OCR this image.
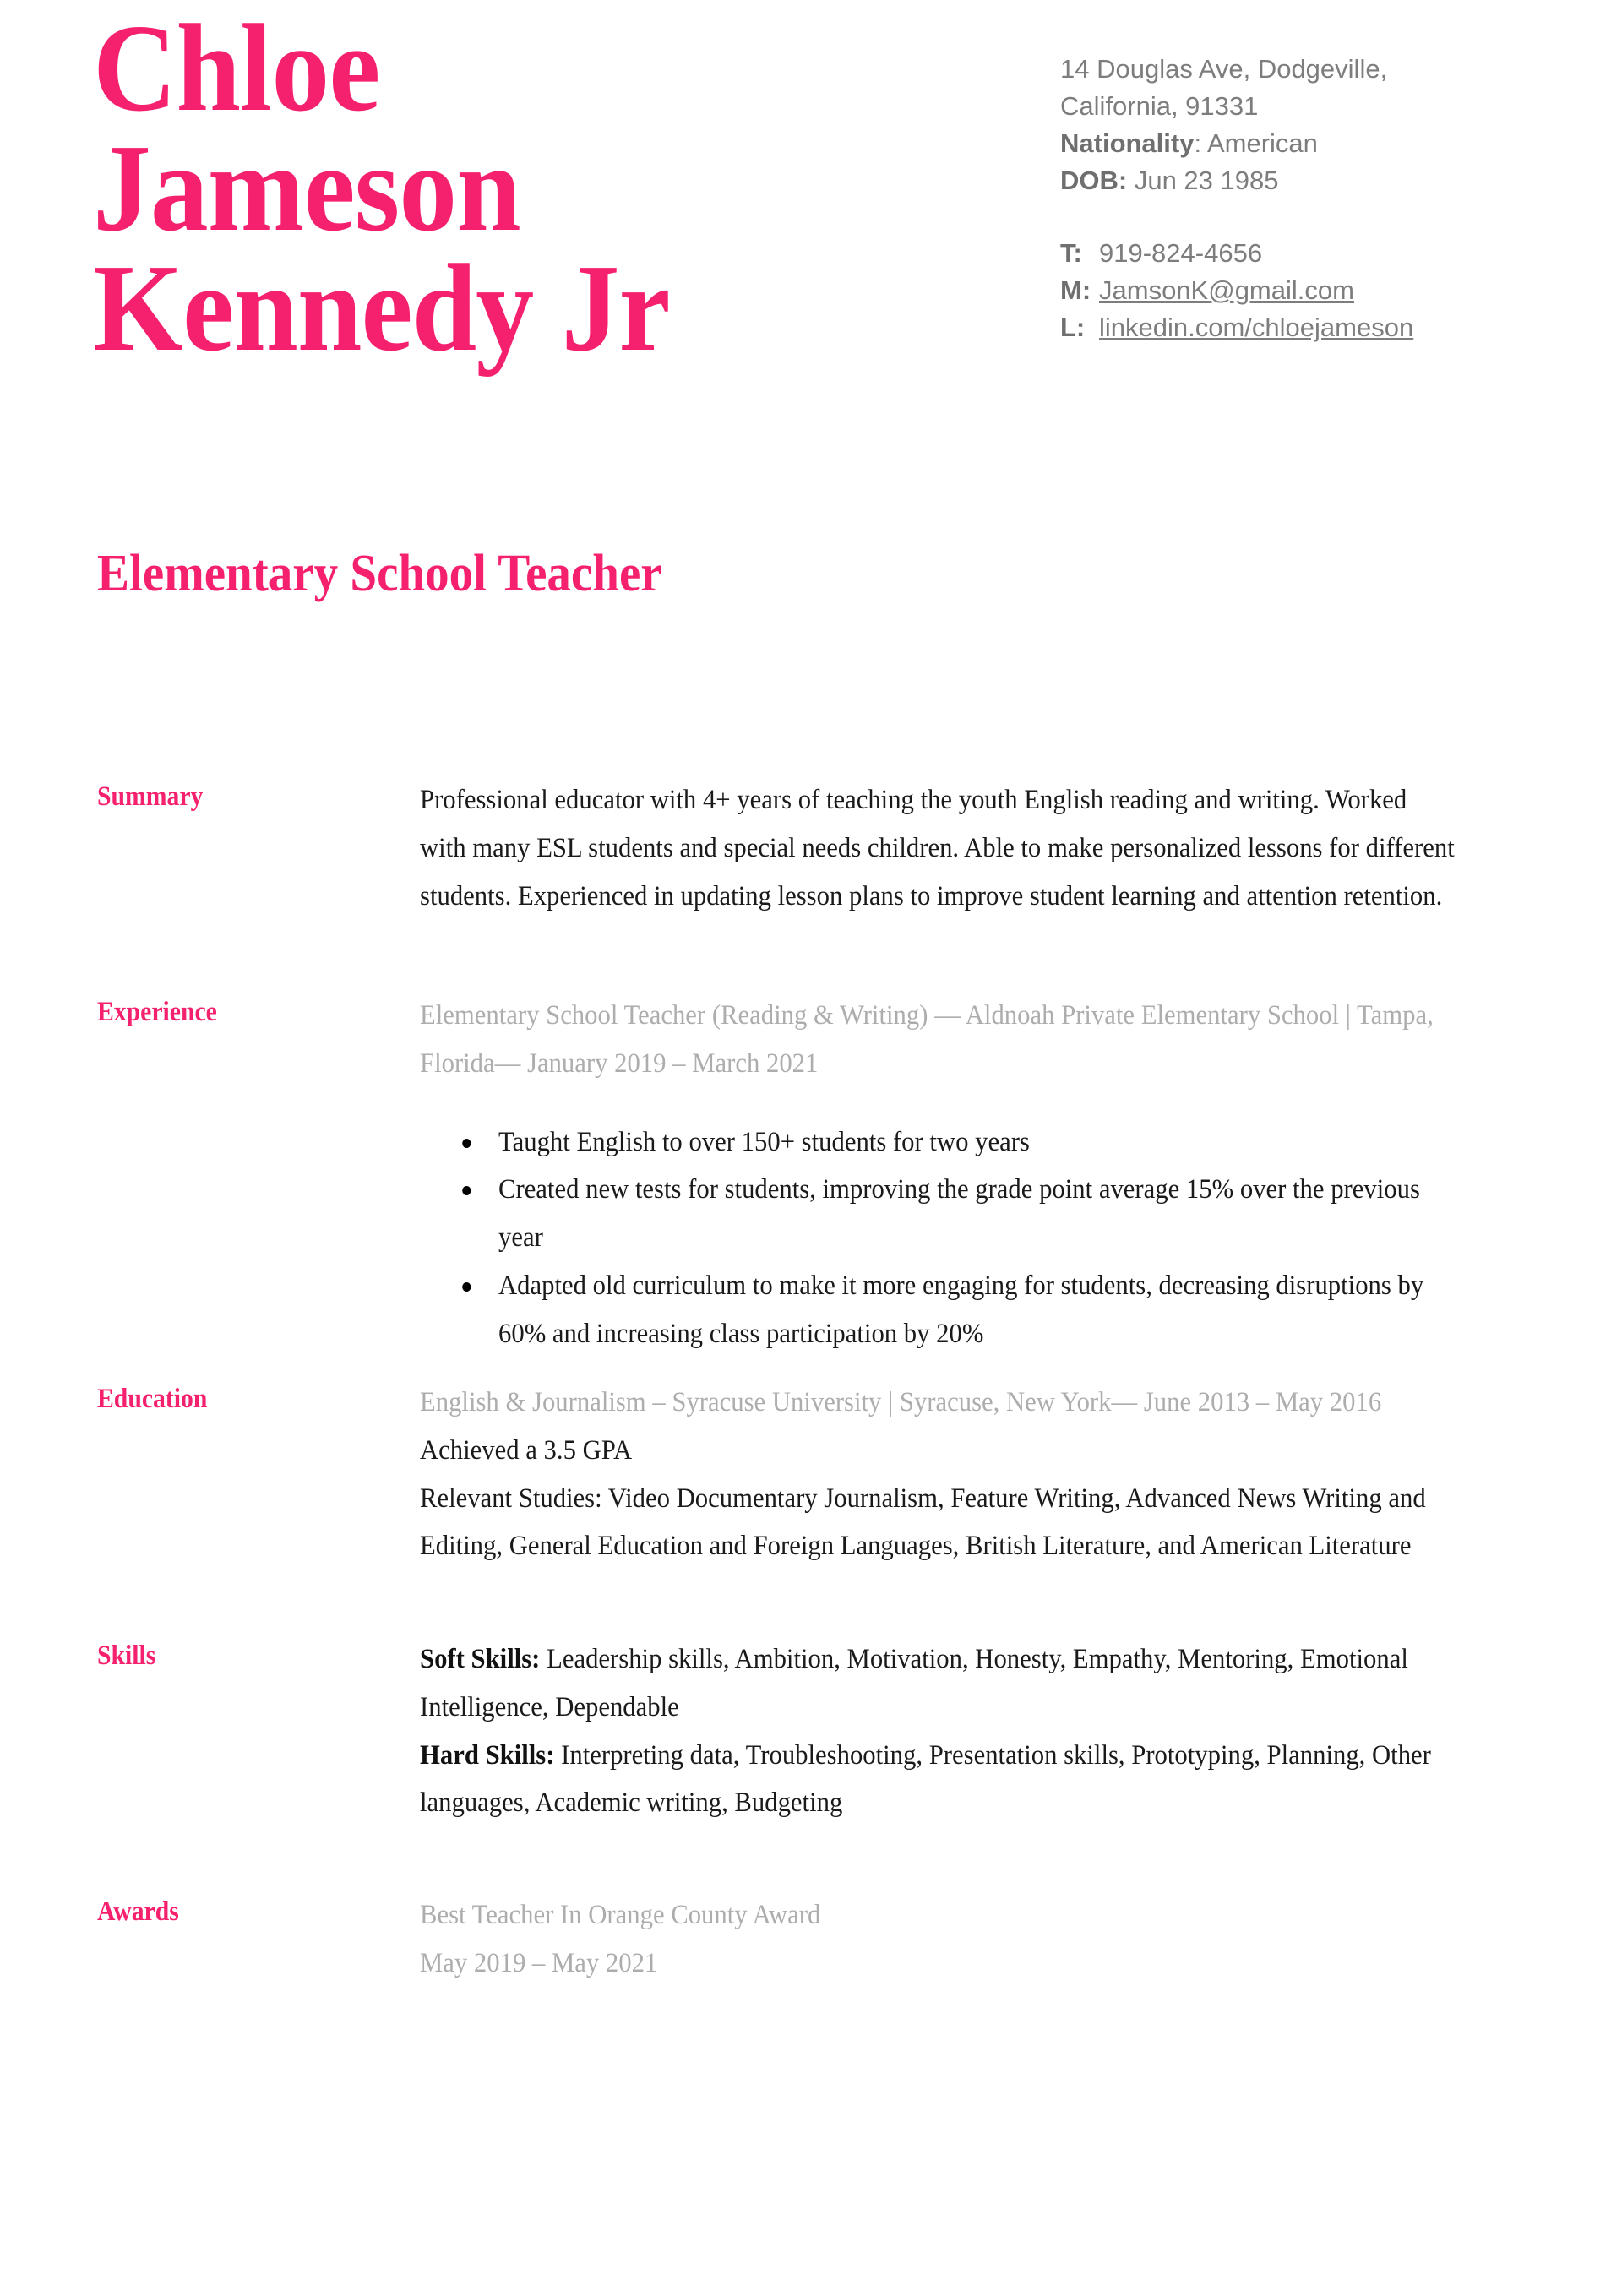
Chloe
Jameson
Kennedy Jr
Elementary School Teacher
14 Douglas Ave, Dodgeville,
California, 91331
Nationality: American
DOB: Jun 23 1985
T: 919-824-4656
M: JamsonK@gmail.com
L: linkedin.com/chloejameson
Summary	Professional educator with 4+ years of teaching the youth English reading and writing. Worked with many ESL students and special needs children. Able to make personalized lessons for different students. Experienced in updating lesson plans to improve student learning and attention retention.
Experience	Elementary School Teacher (Reading & Writing) — Aldnoah Private Elementary School | Tampa, Florida— January 2019 – March 2021
Taught English to over 150+ students for two years
Created new tests for students, improving the grade point average 15% over the previous year
Adapted old curriculum to make it more engaging for students, decreasing disruptions by 60% and increasing class participation by 20%
Education	English & Journalism – Syracuse University | Syracuse, New York— June 2013 – May 2016
Achieved a 3.5 GPA
Relevant Studies: Video Documentary Journalism, Feature Writing, Advanced News Writing and Editing, General Education and Foreign Languages, British Literature, and American Literature
Skills	Soft Skills: Leadership skills, Ambition, Motivation, Honesty, Empathy, Mentoring, Emotional Intelligence, Dependable
Hard Skills: Interpreting data, Troubleshooting, Presentation skills, Prototyping, Planning, Other languages, Academic writing, Budgeting
Awards	Best Teacher In Orange County Award
May 2019 – May 2021
